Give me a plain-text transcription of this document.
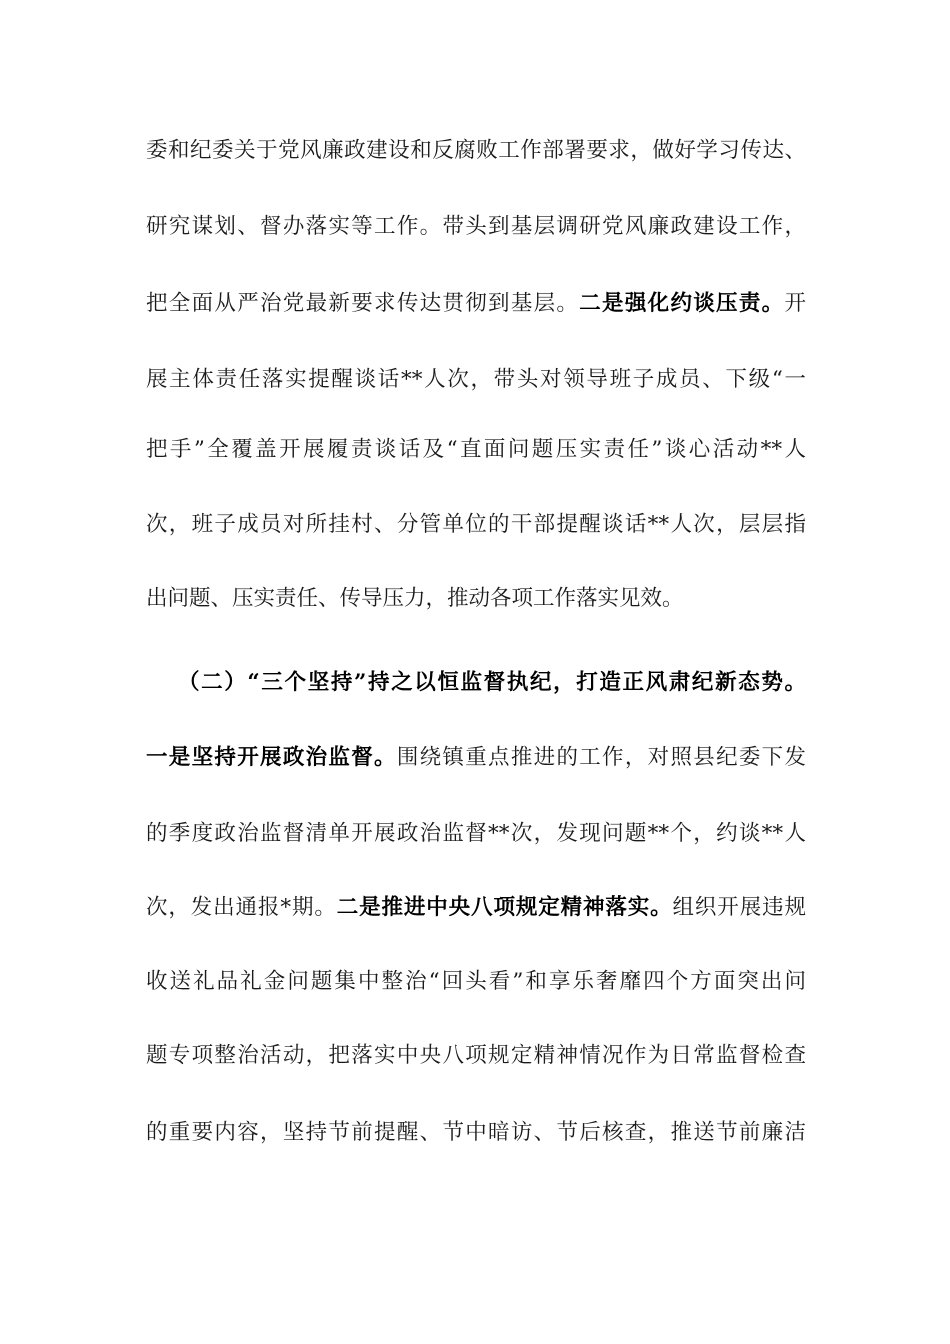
委和纪委关于党风廉政建设和反腐败工作部署要求，做好学习传达、
研究谋划、督办落实等工作。带头到基层调研党风廉政建设工作，
把全面从严治党最新要求传达贯彻到基层。二是强化约谈压责。开
展主体责任落实提醒谈话**人次，带头对领导班子成员、下级“一
把手”全覆盖开展履责谈话及“直面问题压实责任”谈心活动**人
次，班子成员对所挂村、分管单位的干部提醒谈话**人次，层层指
出问题、压实责任、传导压力，推动各项工作落实见效。
（二）“三个坚持”持之以恒监督执纪，打造正风肃纪新态势。
一是坚持开展政治监督。围绕镇重点推进的工作，对照县纪委下发
的季度政治监督清单开展政治监督**次，发现问题**个，约谈**人
次，发出通报*期。二是推进中央八项规定精神落实。组织开展违规
收送礼品礼金问题集中整治“回头看”和享乐奢靡四个方面突出问
题专项整治活动，把落实中央八项规定精神情况作为日常监督检查
的重要内容，坚持节前提醒、节中暗访、节后核查，推送节前廉洁
